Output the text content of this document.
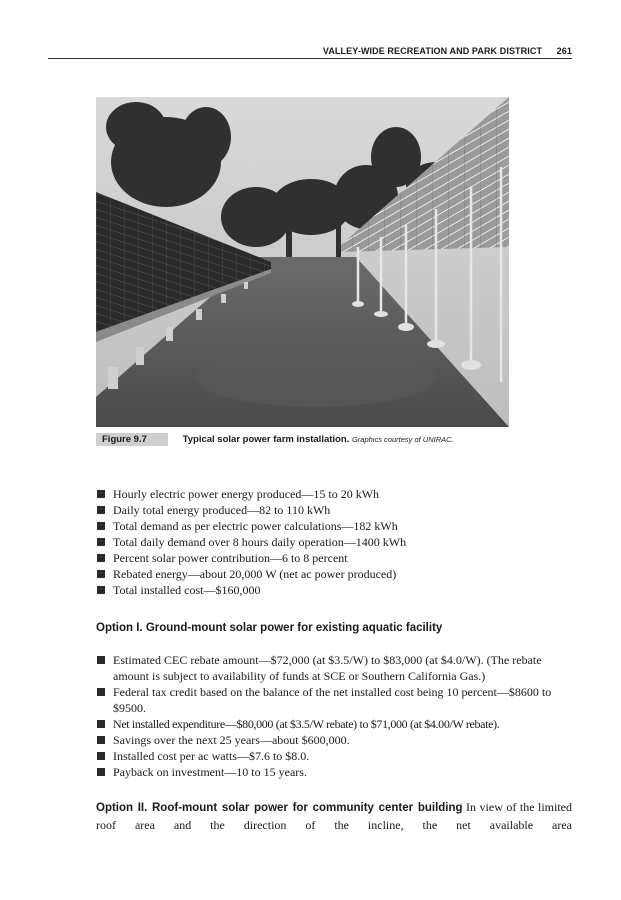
VALLEY-WIDE RECREATION AND PARK DISTRICT 261
Figure 9.7	Typical solar power farm installation. Graphics courtesy of UNIRAC.
Hourly electric power energy produced—15 to 20 kWh
Daily total energy produced—82 to 110 kWh
Total demand as per electric power calculations—182 kWh
Total daily demand over 8 hours daily operation—1400 kWh
Percent solar power contribution—6 to 8 percent
Rebated energy—about 20,000 W (net ac power produced)
Total installed cost—$160,000
Option I. Ground-mount solar power for existing aquatic facility
Estimated CEC rebate amount—$72,000 (at $3.5/W) to $83,000 (at $4.0/W). (The rebate amount is subject to availability of funds at SCE or Southern California Gas.)
Federal tax credit based on the balance of the net installed cost being 10 percent—$8600 to $9500.
Net installed expenditure—$80,000 (at $3.5/W rebate) to $71,000 (at $4.00/W rebate).
Savings over the next 25 years—about $600,000.
Installed cost per ac watts—$7.6 to $8.0.
Payback on investment—10 to 15 years.

Option II. Roof-mount solar power for community center building In view of the limited roof area and the direction of the incline, the net available area
